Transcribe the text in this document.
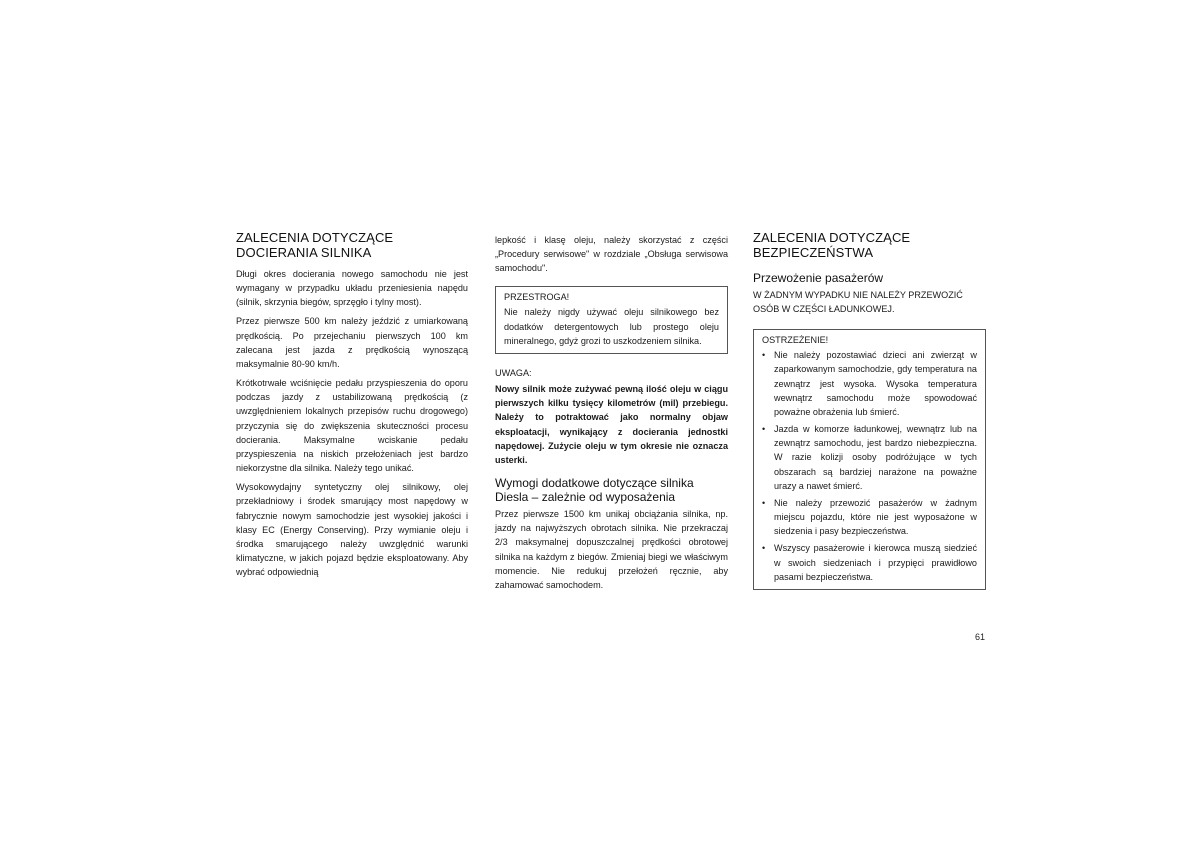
ZALECENIA DOTYCZĄCE DOCIERANIA SILNIKA

Długi okres docierania nowego samochodu nie jest wymagany w przypadku układu przeniesienia napędu (silnik, skrzynia biegów, sprzęgło i tylny most).

Przez pierwsze 500 km należy jeździć z umiarkowaną prędkością. Po przejechaniu pierwszych 100 km zalecana jest jazda z prędkością wynoszącą maksymalnie 80-90 km/h.

Krótkotrwałe wciśnięcie pedału przyspieszenia do oporu podczas jazdy z ustabilizowaną prędkością (z uwzględnieniem lokalnych przepisów ruchu drogowego) przyczynia się do zwiększenia skuteczności procesu docierania. Maksymalne wciskanie pedału przyspieszenia na niskich przełożeniach jest bardzo niekorzystne dla silnika. Należy tego unikać.

Wysokowydajny syntetyczny olej silnikowy, olej przekładniowy i środek smarujący most napędowy w fabrycznie nowym samochodzie jest wysokiej jakości i klasy EC (Energy Conserving). Przy wymianie oleju i środka smarującego należy uwzględnić warunki klimatyczne, w jakich pojazd będzie eksploatowany. Aby wybrać odpowiednią

lepkość i klasę oleju, należy skorzystać z części „Procedury serwisowe" w rozdziale „Obsługa serwisowa samochodu".

PRZESTROGA!

Nie należy nigdy używać oleju silnikowego bez dodatków detergentowych lub prostego oleju mineralnego, gdyż grozi to uszkodzeniem silnika.

UWAGA:

Nowy silnik może zużywać pewną ilość oleju w ciągu pierwszych kilku tysięcy kilometrów (mil) przebiegu. Należy to potraktować jako normalny objaw eksploatacji, wynikający z docierania jednostki napędowej. Zużycie oleju w tym okresie nie oznacza usterki.

Wymogi dodatkowe dotyczące silnika Diesla – zależnie od wyposażenia

Przez pierwsze 1500 km unikaj obciążania silnika, np. jazdy na najwyższych obrotach silnika. Nie przekraczaj 2/3 maksymalnej dopuszczalnej prędkości obrotowej silnika na każdym z biegów. Zmieniaj biegi we właściwym momencie. Nie redukuj przełożeń ręcznie, aby zahamować samochodem.

ZALECENIA DOTYCZĄCE BEZPIECZEŃSTWA
Przewożenie pasażerów

W ŻADNYM WYPADKU NIE NALEŻY PRZEWOZIĆ OSÓB W CZĘŚCI ŁADUNKOWEJ.

OSTRZEŻENIE!
• Nie należy pozostawiać dzieci ani zwierząt w zaparkowanym samochodzie, gdy temperatura na zewnątrz jest wysoka. Wysoka temperatura wewnątrz samochodu może spowodować poważne obrażenia lub śmierć.
• Jazda w komorze ładunkowej, wewnątrz lub na zewnątrz samochodu, jest bardzo niebezpieczna. W razie kolizji osoby podróżujące w tych obszarach są bardziej narażone na poważne urazy a nawet śmierć.
• Nie należy przewozić pasażerów w żadnym miejscu pojazdu, które nie jest wyposażone w siedzenia i pasy bezpieczeństwa.
• Wszyscy pasażerowie i kierowca muszą siedzieć w swoich siedzeniach i przypięci prawidłowo pasami bezpieczeństwa.
61
